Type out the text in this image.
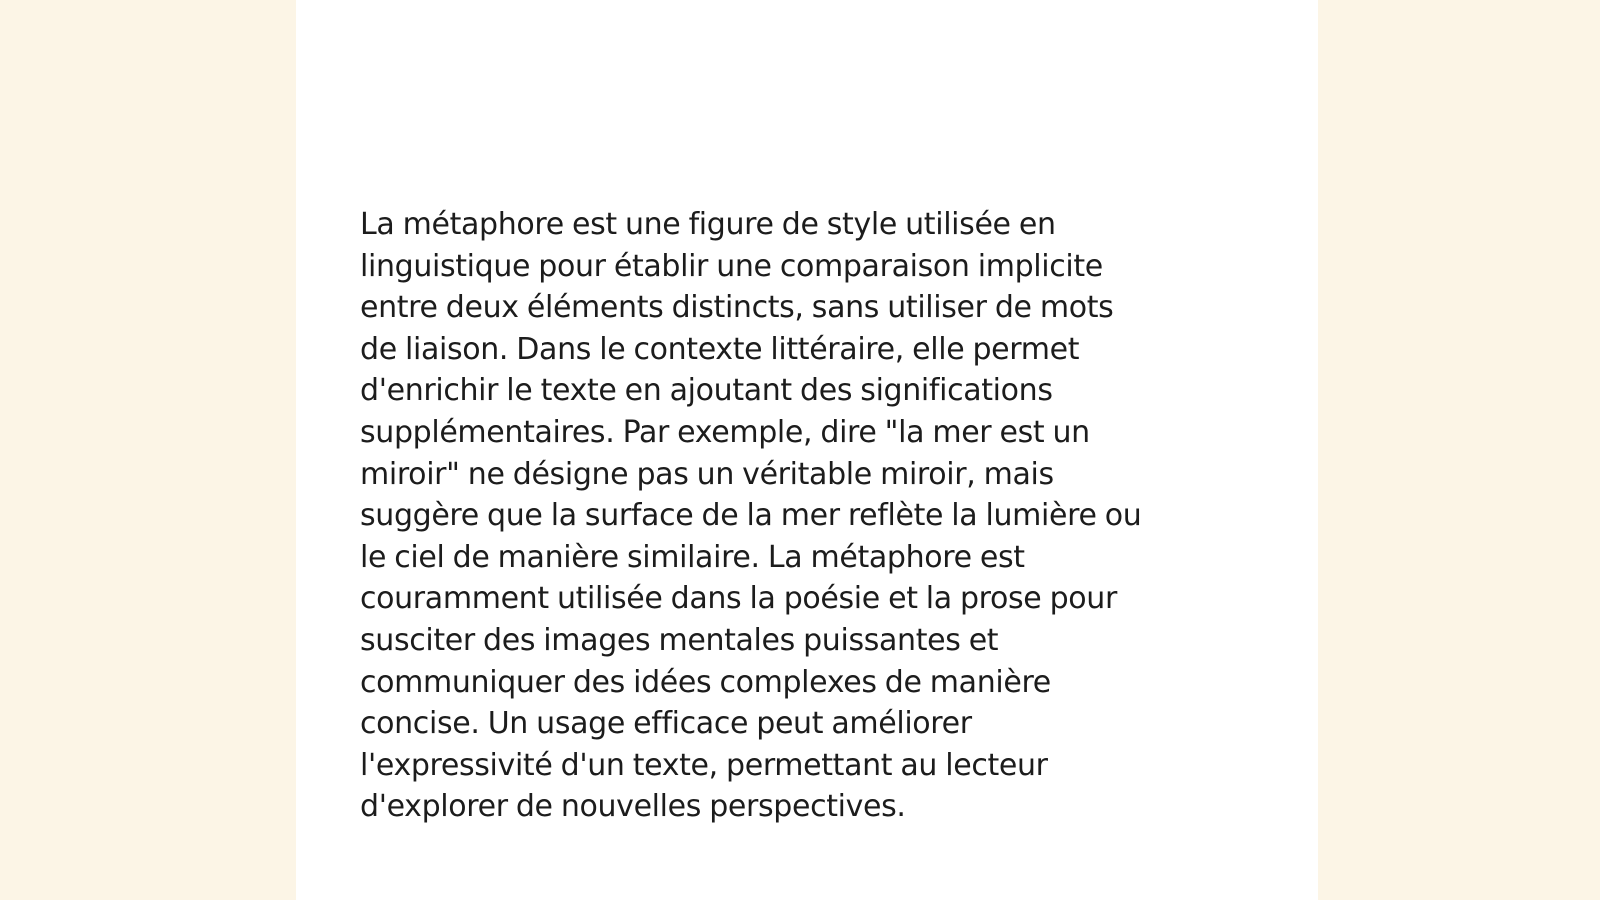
La métaphore est une figure de style utilisée en
linguistique pour établir une comparaison implicite
entre deux éléments distincts, sans utiliser de mots
de liaison. Dans le contexte littéraire, elle permet
d'enrichir le texte en ajoutant des significations
supplémentaires. Par exemple, dire "la mer est un
miroir" ne désigne pas un véritable miroir, mais
suggère que la surface de la mer reflète la lumière ou
le ciel de manière similaire. La métaphore est
couramment utilisée dans la poésie et la prose pour
susciter des images mentales puissantes et
communiquer des idées complexes de manière
concise. Un usage efficace peut améliorer
l'expressivité d'un texte, permettant au lecteur
d'explorer de nouvelles perspectives.
